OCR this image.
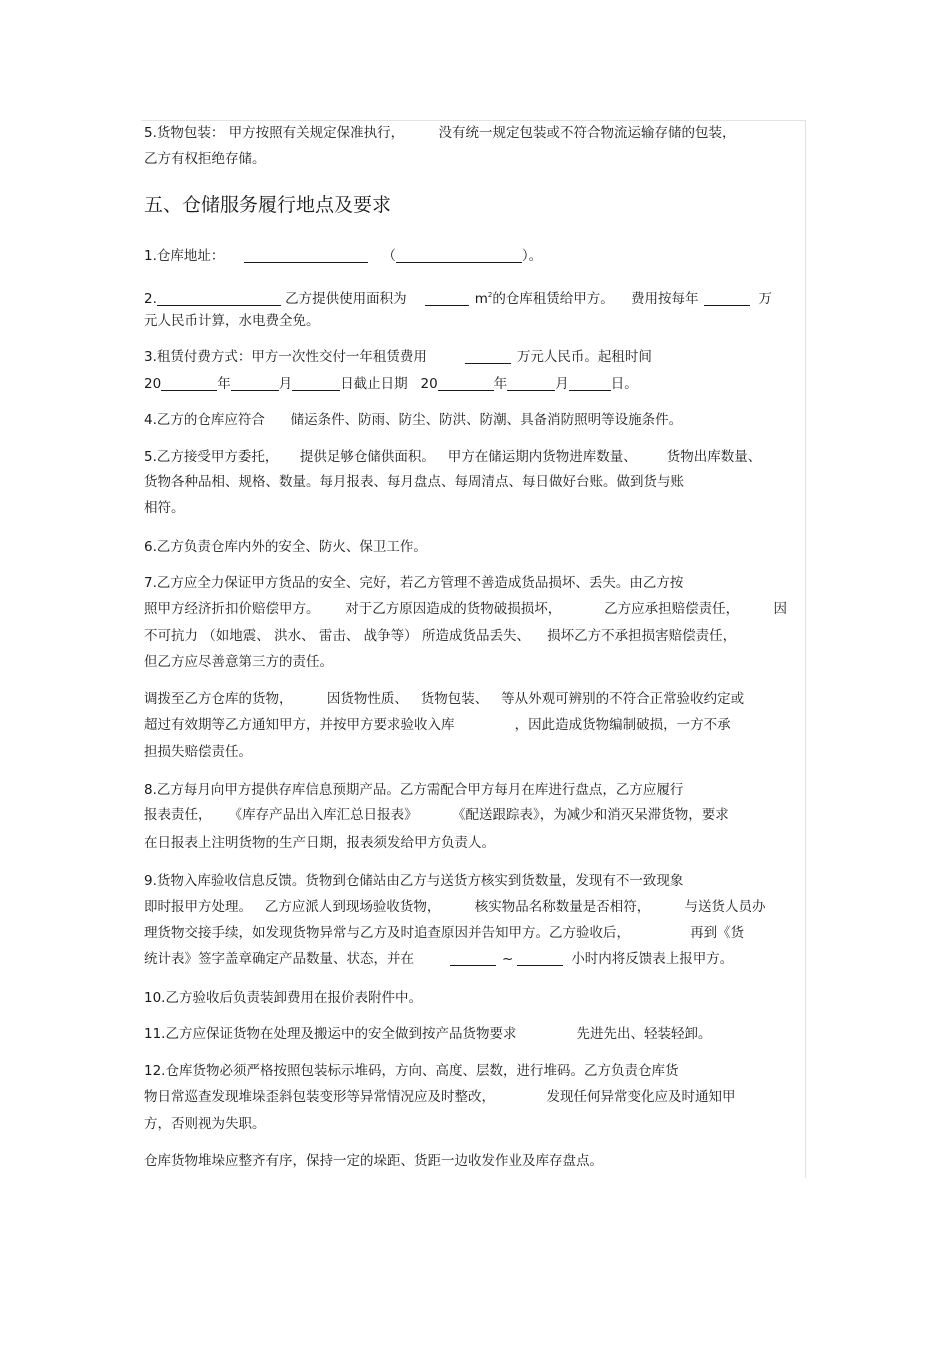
5.货物包装： 甲方按照有关规定保准执行，        没有统一规定包装或不符合物流运输存储的包装，
乙方有权拒绝存储。
五、仓储服务履行地点及要求
1.仓库地址：	（	）。
2.	乙方提供使用面积为	$m^2$的仓库租赁给甲方。    费用按每年	万
元人民币计算，水电费全免。
3.租赁付费方式：甲方一次性交付一年租赁费用	万元人民币。起租时间
20	年	月	日截止日期   20	年	月	日。
4.乙方的仓库应符合      储运条件、防雨、防尘、防洪、防潮、具备消防照明等设施条件。
5.乙方接受甲方委托，     提供足够仓储供面积。   甲方在储运期内货物进库数量、       货物出库数量、
货物各种品相、规格、数量。每月报表、每月盘点、每周清点、每日做好台账。做到货与账
相符。
6.乙方负责仓库内外的安全、防火、保卫工作。
7.乙方应全力保证甲方货品的安全、完好，若乙方管理不善造成货品损坏、丢失。由乙方按
照甲方经济折扣价赔偿甲方。      对于乙方原因造成的货物破损损坏，          乙方应承担赔偿责任，        因
不可抗力 （如地震、 洪水、 雷击、 战争等） 所造成货品丢失、    损坏乙方不承担损害赔偿责任，
但乙方应尽善意第三方的责任。
调拨至乙方仓库的货物，        因货物性质、   货物包装、   等从外观可辨别的不符合正常验收约定或
超过有效期等乙方通知甲方，并按甲方要求验收入库              ，因此造成货物编制破损，一方不承
担损失赔偿责任。
8.乙方每月向甲方提供存库信息预期产品。乙方需配合甲方每月在库进行盘点，乙方应履行
报表责任，    《库存产品出入库汇总日报表》        《配送跟踪表》，为减少和消灭呆滞货物，要求
在日报表上注明货物的生产日期，报表须发给甲方负责人。
9.货物入库验收信息反馈。货物到仓储站由乙方与送货方核实到货数量，发现有不一致现象
即时报甲方处理。   乙方应派人到现场验收货物，        核实物品名称数量是否相符，        与送货人员办
理货物交接手续，如发现货物异常与乙方及时追查原因并告知甲方。乙方验收后，              再到《货
统计表》签字盖章确定产品数量、状态，并在	~	小时内将反馈表上报甲方。
10.乙方验收后负责装卸费用在报价表附件中。
11.乙方应保证货物在处理及搬运中的安全做到按产品货物要求              先进先出、轻装轻卸。
12.仓库货物必须严格按照包装标示堆码，方向、高度、层数，进行堆码。乙方负责仓库货
物日常巡查发现堆垛歪斜包装变形等异常情况应及时整改，            发现任何异常变化应及时通知甲
方，否则视为失职。
仓库货物堆垛应整齐有序，保持一定的垛距、货距一边收发作业及库存盘点。
